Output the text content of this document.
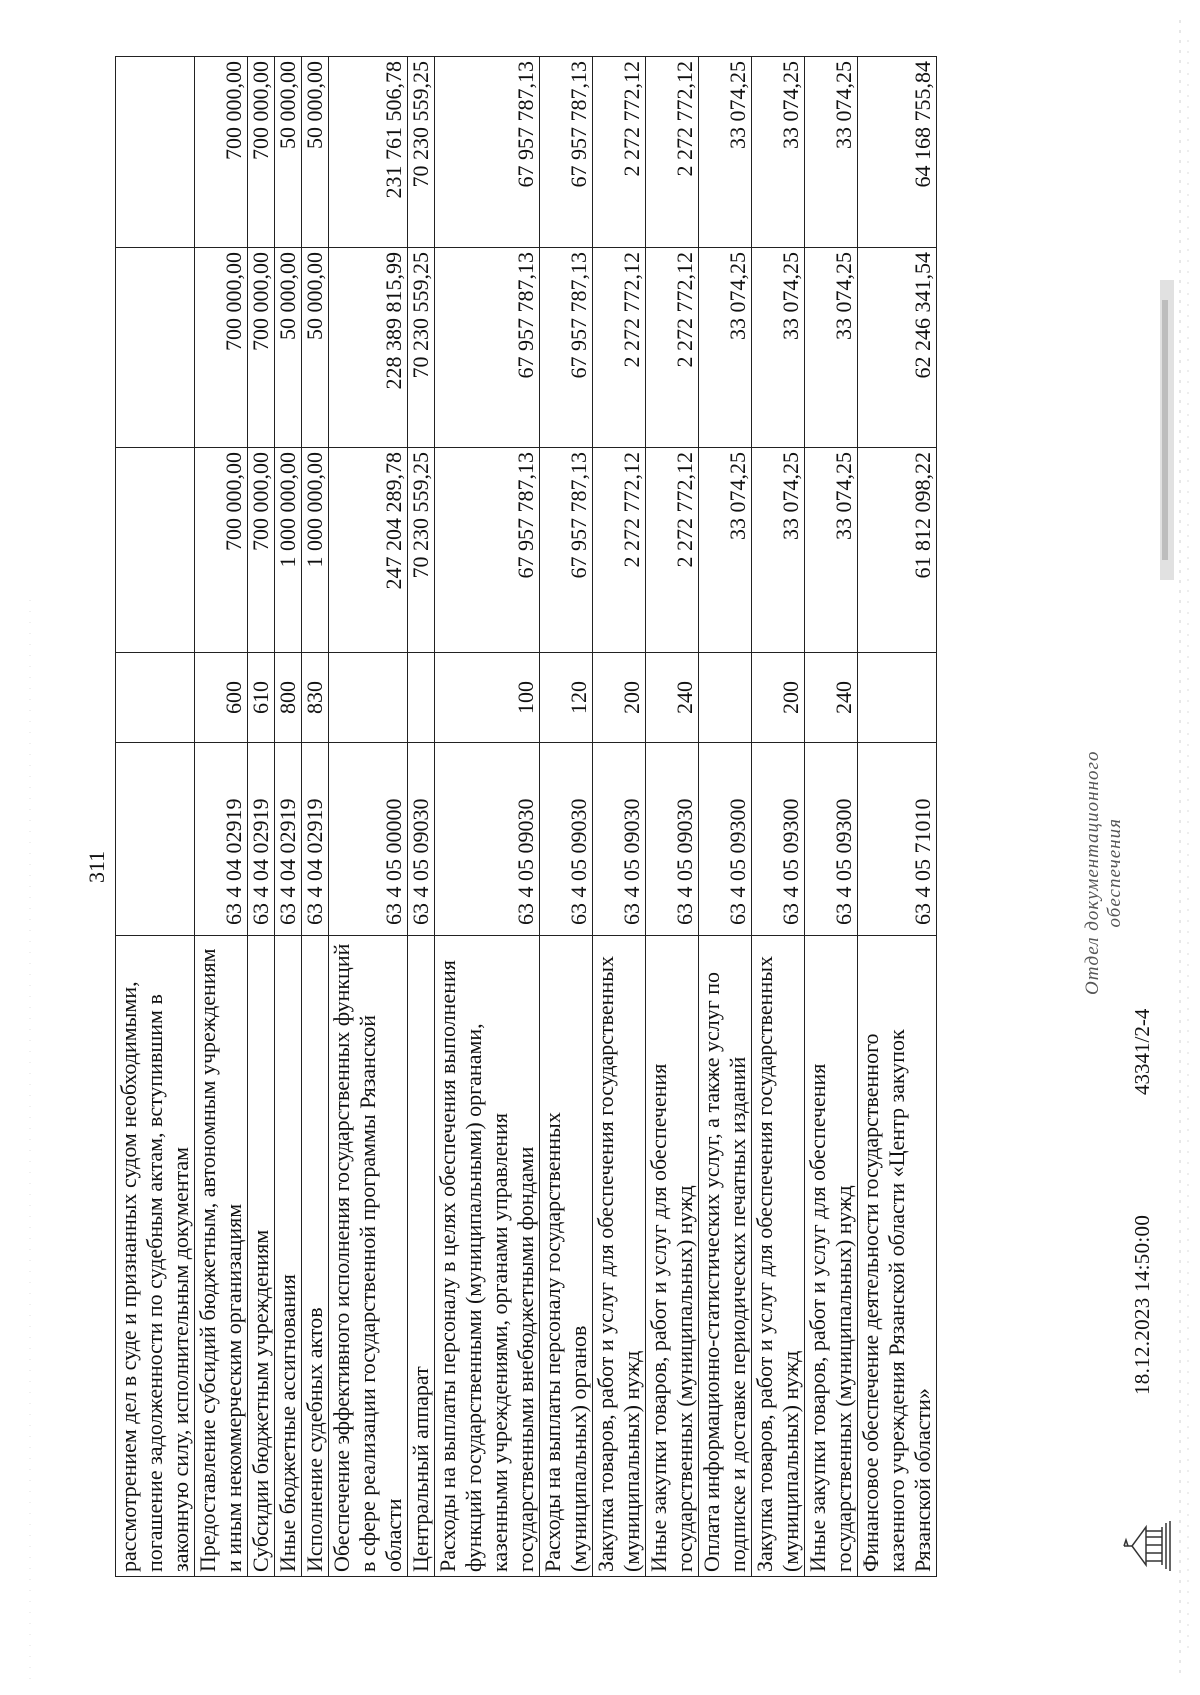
311
рассмотрением дел в суде и признанных судом необходимыми, погашение задолженности по судебным актам, вступившим в законную силу, исполнительным документам					
Предоставление субсидий бюджетным, автономным учреждениям и иным некоммерческим организациям	63 4 04 02919	600	700 000,00	700 000,00	700 000,00
Субсидии бюджетным учреждениям	63 4 04 02919	610	700 000,00	700 000,00	700 000,00
Иные бюджетные ассигнования	63 4 04 02919	800	1 000 000,00	50 000,00	50 000,00
Исполнение судебных актов	63 4 04 02919	830	1 000 000,00	50 000,00	50 000,00
Обеспечение эффективного исполнения государственных функций в сфере реализации государственной программы Рязанской области	63 4 05 00000		247 204 289,78	228 389 815,99	231 761 506,78
Центральный аппарат	63 4 05 09030		70 230 559,25	70 230 559,25	70 230 559,25
Расходы на выплаты персоналу в целях обеспечения выполнения функций государственными (муниципальными) органами, казенными учреждениями, органами управления государственными внебюджетными фондами	63 4 05 09030	100	67 957 787,13	67 957 787,13	67 957 787,13
Расходы на выплаты персоналу государственных (муниципальных) органов	63 4 05 09030	120	67 957 787,13	67 957 787,13	67 957 787,13
Закупка товаров, работ и услуг для обеспечения государственных (муниципальных) нужд	63 4 05 09030	200	2 272 772,12	2 272 772,12	2 272 772,12
Иные закупки товаров, работ и услуг для обеспечения государственных (муниципальных) нужд	63 4 05 09030	240	2 272 772,12	2 272 772,12	2 272 772,12
Оплата информационно-статистических услуг, а также услуг по подписке и доставке периодических печатных изданий	63 4 05 09300		33 074,25	33 074,25	33 074,25
Закупка товаров, работ и услуг для обеспечения государственных (муниципальных) нужд	63 4 05 09300	200	33 074,25	33 074,25	33 074,25
Иные закупки товаров, работ и услуг для обеспечения государственных (муниципальных) нужд	63 4 05 09300	240	33 074,25	33 074,25	33 074,25
Финансовое обеспечение деятельности государственного казенного учреждения Рязанской области «Центр закупок Рязанской области»	63 4 05 71010		61 812 098,22	62 246 341,54	64 168 755,84
18.12.2023 14:50:00
43341/2-4
Отдел документационного обеспечения
